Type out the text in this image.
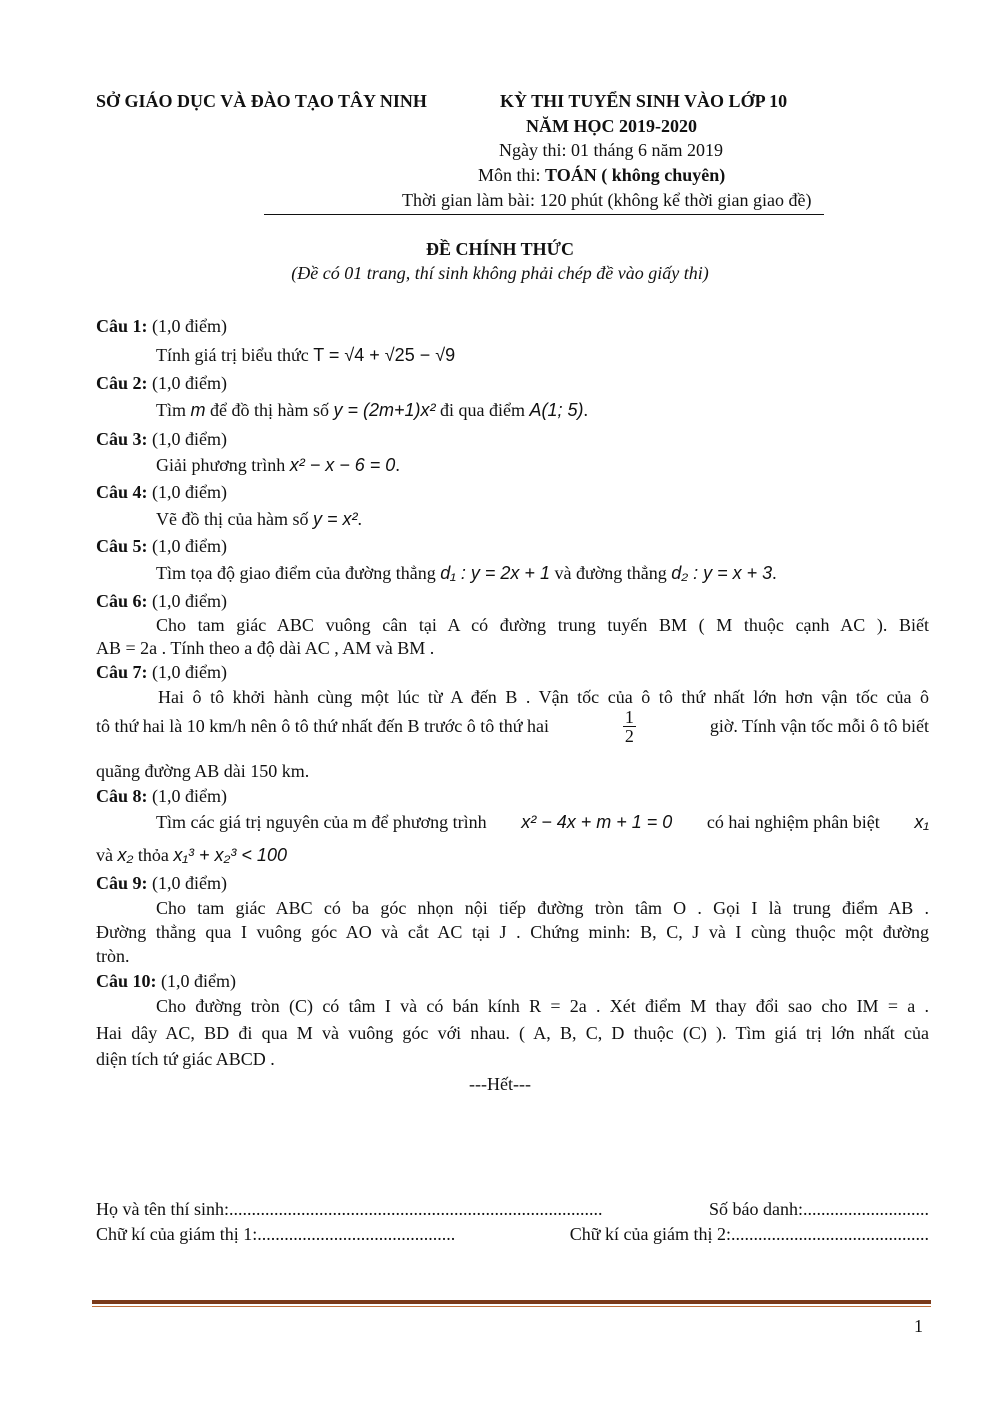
SỞ GIÁO DỤC VÀ ĐÀO TẠO TÂY NINH	KỲ THI TUYỂN SINH VÀO LỚP 10
NĂM HỌC 2019-2020
Ngày thi: 01 tháng 6 năm 2019
Môn thi: TOÁN ( không chuyên)
Thời gian làm bài: 120 phút (không kể thời gian giao đề)
ĐỀ CHÍNH THỨC
(Đề có 01 trang, thí sinh không phải chép đề vào giấy thi)
Câu 1: (1,0 điểm)
Tính giá trị biểu thức T = √4 + √25 − √9
Câu 2: (1,0 điểm)
Tìm m để đồ thị hàm số y = (2m+1)x² đi qua điểm A(1; 5).
Câu 3: (1,0 điểm)
Giải phương trình x² − x − 6 = 0.
Câu 4: (1,0 điểm)
Vẽ đồ thị của hàm số y = x².
Câu 5: (1,0 điểm)
Tìm tọa độ giao điểm của đường thẳng d₁ : y = 2x + 1 và đường thẳng d₂ : y = x + 3.
Câu 6: (1,0 điểm)
Cho tam giác ABC vuông cân tại A có đường trung tuyến BM ( M thuộc cạnh AC ). Biết
AB = 2a . Tính theo a độ dài AC , AM và BM .
Câu 7: (1,0 điểm)
Hai ô tô khởi hành cùng một lúc từ A đến B . Vận tốc của ô tô thứ nhất lớn hơn vận tốc của ô
tô thứ hai là 10 km/h nên ô tô thứ nhất đến B trước ô tô thứ hai	$\frac{1}{2}$	giờ. Tính vận tốc mỗi ô tô biết
quãng đường AB dài 150 km.
Câu 8: (1,0 điểm)
Tìm các giá trị nguyên của m để phương trình x² − 4x + m + 1 = 0 có hai nghiệm phân biệt x₁
và x₂ thỏa x₁³ + x₂³ < 100
Câu 9: (1,0 điểm)
Cho tam giác ABC có ba góc nhọn nội tiếp đường tròn tâm O . Gọi I là trung điểm AB .
Đường thẳng qua I vuông góc AO và cắt AC tại J . Chứng minh: B, C, J và I cùng thuộc một đường
tròn.
Câu 10: (1,0 điểm)
Cho đường tròn (C) có tâm I và có bán kính R = 2a . Xét điểm M thay đổi sao cho IM = a .
Hai dây AC, BD đi qua M và vuông góc với nhau. ( A, B, C, D thuộc (C) ). Tìm giá trị lớn nhất của
diện tích tứ giác ABCD .
---Hết---
Họ và tên thí sinh:...................................................................................	Số báo danh:............................
Chữ kí của giám thị 1:............................................	Chữ kí của giám thị 2:............................................
1
